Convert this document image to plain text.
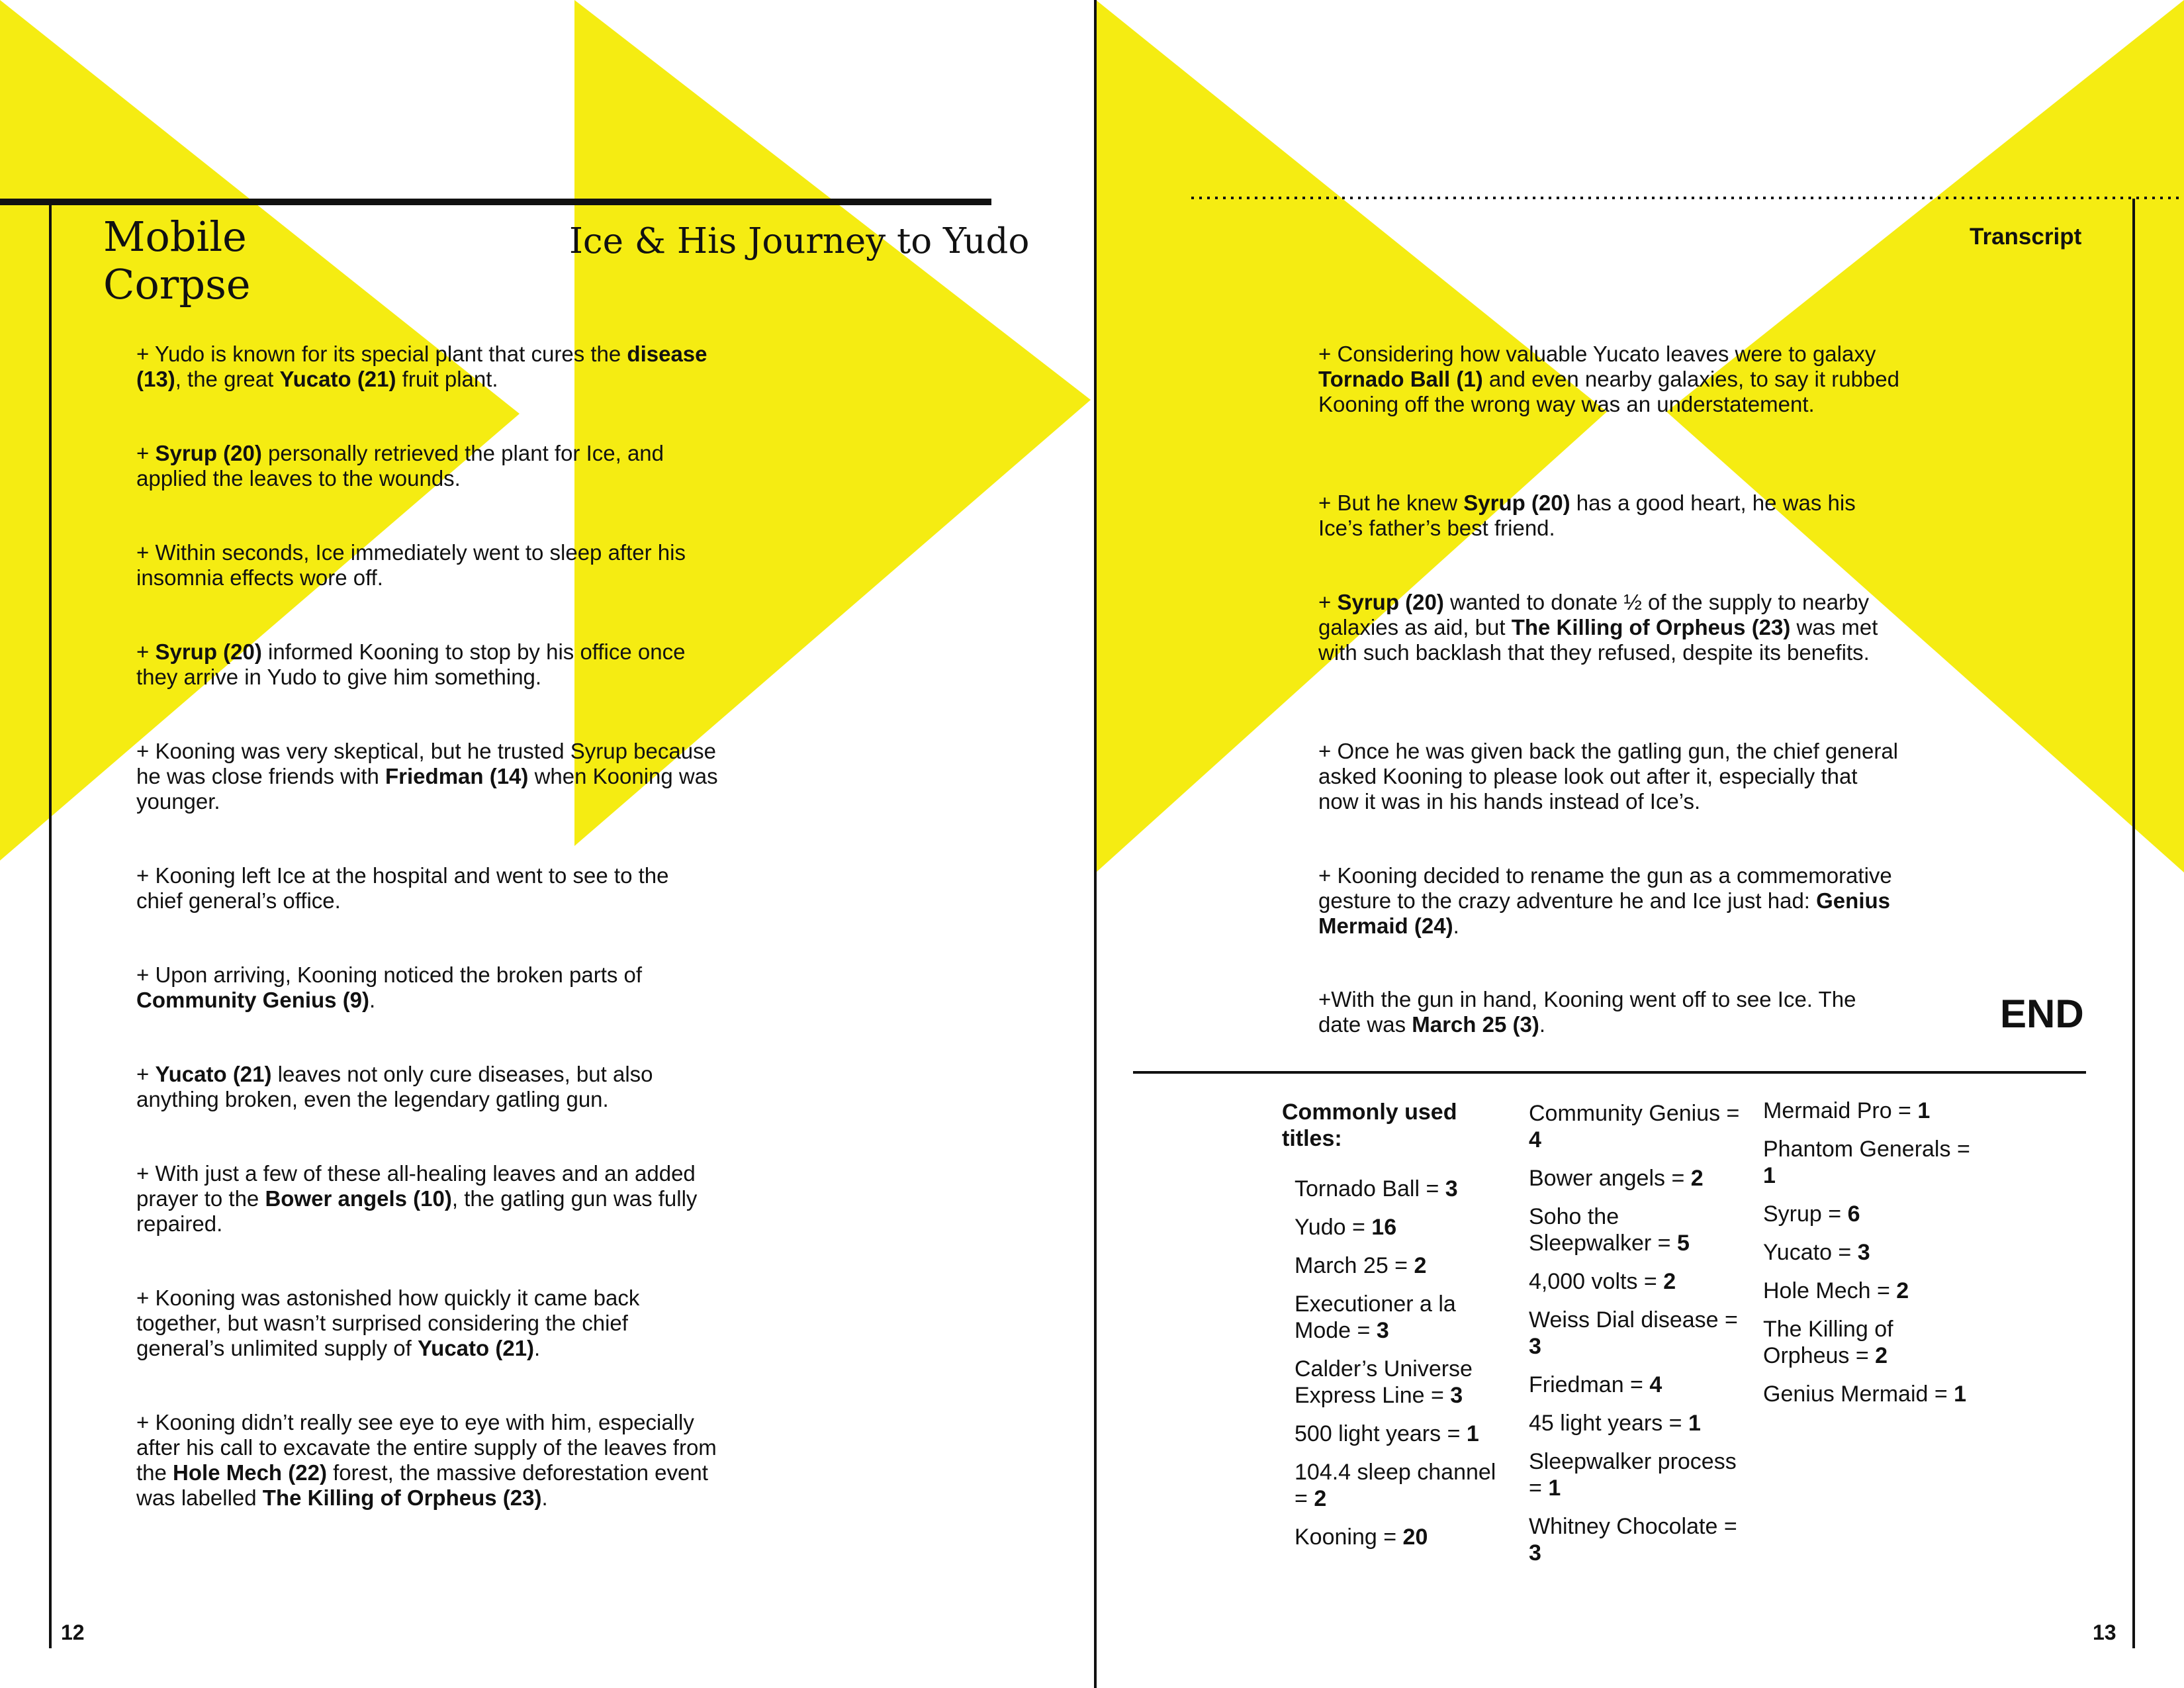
Mobile
Corpse
Ice & His Journey to Yudo
+ Yudo is known for its special plant that cures the disease (13), the great Yucato (21) fruit plant.
+ Syrup (20) personally retrieved the plant for Ice, and applied the leaves to the wounds.
+ Within seconds, Ice immediately went to sleep after his insomnia effects wore off.
+ Syrup (20) informed Kooning to stop by his office once they arrive in Yudo to give him something.
+ Kooning was very skeptical, but he trusted Syrup because he was close friends with Friedman (14) when Kooning was younger.
+ Kooning left Ice at the hospital and went to see to the chief general’s office.
+ Upon arriving, Kooning noticed the broken parts of Community Genius (9).
+ Yucato (21) leaves not only cure diseases, but also anything broken, even the legendary gatling gun.
+ With just a few of these all-healing leaves and an added prayer to the Bower angels (10), the gatling gun was fully repaired.
+ Kooning was astonished how quickly it came back together, but wasn’t surprised considering the chief general’s unlimited supply of Yucato (21).
+ Kooning didn’t really see eye to eye with him, especially after his call to excavate the entire supply of the leaves from the Hole Mech (22) forest, the massive deforestation event was labelled The Killing of Orpheus (23).
12
Transcript
+ Considering how valuable Yucato leaves were to galaxy Tornado Ball (1) and even nearby galaxies, to say it rubbed Kooning off the wrong way was an understatement.
+ But he knew Syrup (20) has a good heart, he was his Ice’s father’s best friend.
+ Syrup (20) wanted to donate ½ of the supply to nearby galaxies as aid, but The Killing of Orpheus (23) was met with such backlash that they refused, despite its benefits.
+ Once he was given back the gatling gun, the chief general asked Kooning to please look out after it, especially that now it was in his hands instead of Ice’s.
+ Kooning decided to rename the gun as a commemorative gesture to the crazy adventure he and Ice just had: Genius Mermaid (24).
+With the gun in hand, Kooning went off to see Ice. The date was March 25 (3).	END
Commonly used titles:
Tornado Ball = 3
Yudo = 16
March 25 = 2
Executioner a la Mode = 3
Calder’s Universe Express Line = 3
500 light years = 1
104.4 sleep channel = 2
Kooning = 20
Community Genius = 4
Bower angels = 2
Soho the Sleepwalker = 5
4,000 volts = 2
Weiss Dial disease = 3
Friedman = 4
45 light years = 1
Sleepwalker process = 1
Whitney Chocolate = 3
Mermaid Pro = 1
Phantom Generals = 1
Syrup = 6
Yucato = 3
Hole Mech = 2
The Killing of Orpheus = 2
Genius Mermaid = 1
13
